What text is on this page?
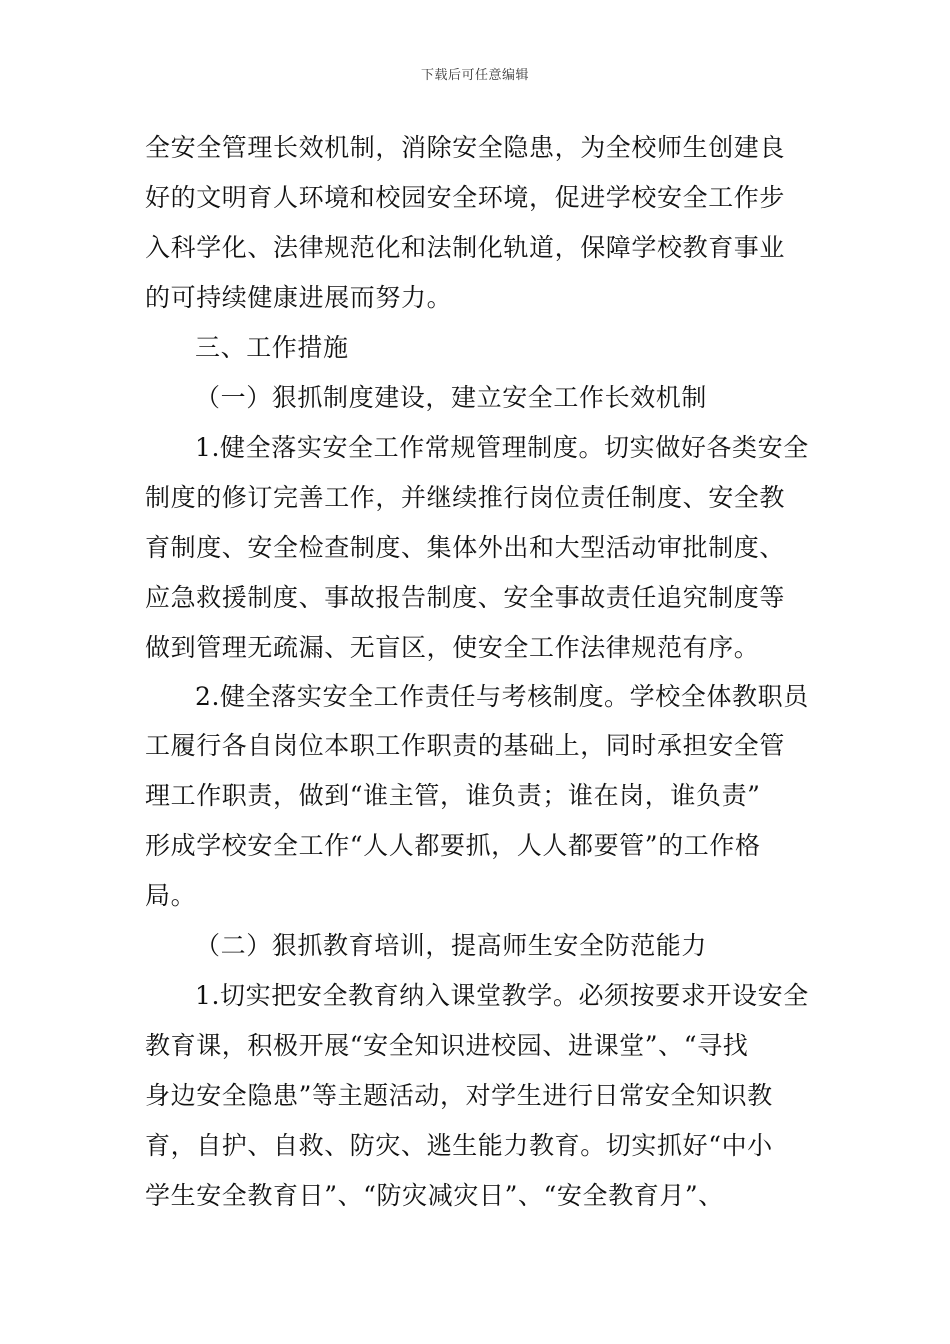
下载后可任意编辑
全安全管理长效机制，消除安全隐患，为全校师生创建良
好的文明育人环境和校园安全环境，促进学校安全工作步
入科学化、法律规范化和法制化轨道，保障学校教育事业
的可持续健康进展而努力。
三、工作措施
（一）狠抓制度建设，建立安全工作长效机制
1.健全落实安全工作常规管理制度。切实做好各类安全
制度的修订完善工作，并继续推行岗位责任制度、安全教
育制度、安全检查制度、集体外出和大型活动审批制度、
应急救援制度、事故报告制度、安全事故责任追究制度等
做到管理无疏漏、无盲区，使安全工作法律规范有序。
2.健全落实安全工作责任与考核制度。学校全体教职员
工履行各自岗位本职工作职责的基础上，同时承担安全管
理工作职责，做到“谁主管，谁负责；谁在岗，谁负责”
形成学校安全工作“人人都要抓，人人都要管”的工作格
局。
（二）狠抓教育培训，提高师生安全防范能力
1.切实把安全教育纳入课堂教学。必须按要求开设安全
教育课，积极开展“安全知识进校园、进课堂”、“寻找
身边安全隐患”等主题活动，对学生进行日常安全知识教
育，自护、自救、防灾、逃生能力教育。切实抓好“中小
学生安全教育日”、“防灾减灾日”、“安全教育月”、
